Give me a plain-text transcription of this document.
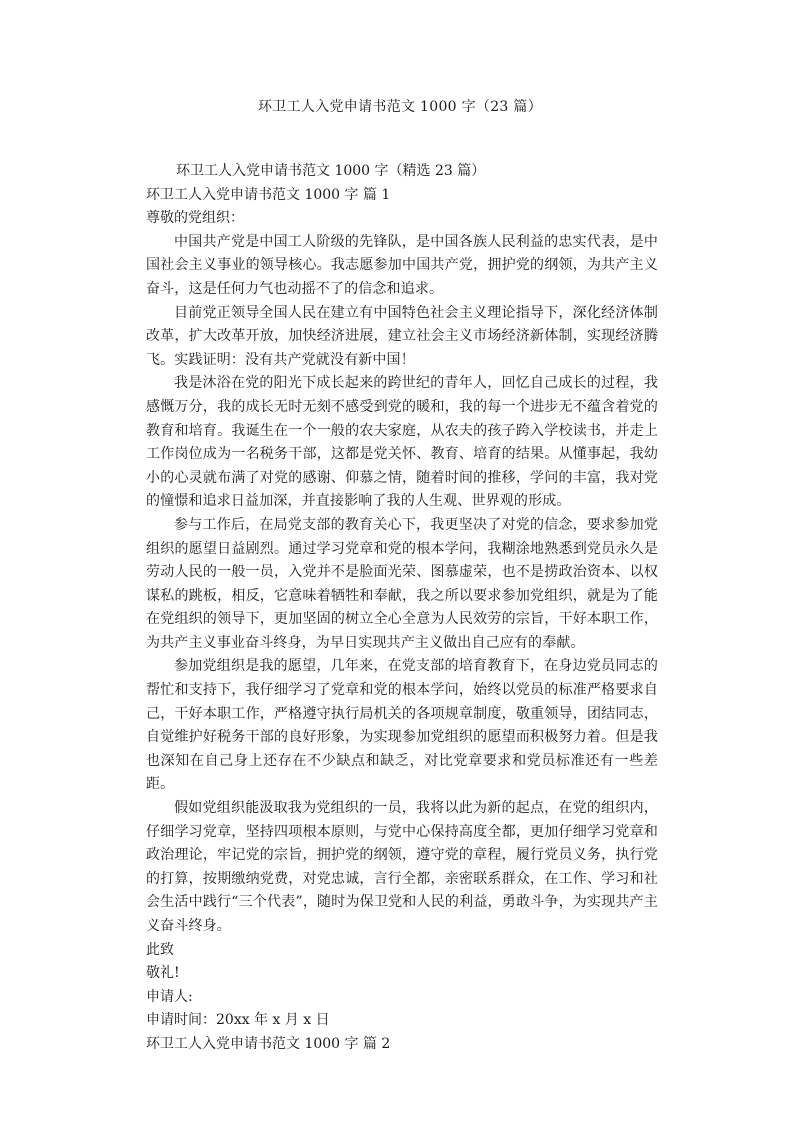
环卫工人入党申请书范文 1000 字（23 篇）

环卫工人入党申请书范文 1000 字（精选 23 篇）

环卫工人入党申请书范文 1000 字 篇 1

尊敬的党组织：

中国共产党是中国工人阶级的先锋队，是中国各族人民利益的忠实代表，是中国社会主义事业的领导核心。我志愿参加中国共产党，拥护党的纲领，为共产主义奋斗，这是任何力气也动摇不了的信念和追求。

目前党正领导全国人民在建立有中国特色社会主义理论指导下，深化经济体制改革，扩大改革开放，加快经济进展，建立社会主义市场经济新体制，实现经济腾飞。实践证明：没有共产党就没有新中国！

我是沐浴在党的阳光下成长起来的跨世纪的青年人，回忆自己成长的过程，我感慨万分，我的成长无时无刻不感受到党的暖和，我的每一个进步无不蕴含着党的教育和培育。我诞生在一个一般的农夫家庭，从农夫的孩子跨入学校读书，并走上工作岗位成为一名税务干部，这都是党关怀、教育、培育的结果。从懂事起，我幼小的心灵就布满了对党的感谢、仰慕之情，随着时间的推移，学问的丰富，我对党的憧憬和追求日益加深，并直接影响了我的人生观、世界观的形成。

参与工作后，在局党支部的教育关心下，我更坚决了对党的信念，要求参加党组织的愿望日益剧烈。通过学习党章和党的根本学问，我糊涂地熟悉到党员永久是劳动人民的一般一员，入党并不是脸面光荣、图慕虚荣，也不是捞政治资本、以权谋私的跳板，相反，它意味着牺牲和奉献，我之所以要求参加党组织，就是为了能在党组织的领导下，更加坚固的树立全心全意为人民效劳的宗旨，干好本职工作，为共产主义事业奋斗终身，为早日实现共产主义做出自己应有的奉献。

参加党组织是我的愿望，几年来，在党支部的培育教育下，在身边党员同志的帮忙和支持下，我仔细学习了党章和党的根本学问，始终以党员的标准严格要求自己，干好本职工作，严格遵守执行局机关的各项规章制度，敬重领导，团结同志，自觉维护好税务干部的良好形象，为实现参加党组织的愿望而积极努力着。但是我也深知在自己身上还存在不少缺点和缺乏，对比党章要求和党员标准还有一些差距。

假如党组织能汲取我为党组织的一员，我将以此为新的起点，在党的组织内，仔细学习党章，坚持四项根本原则，与党中心保持高度全都，更加仔细学习党章和政治理论，牢记党的宗旨，拥护党的纲领，遵守党的章程，履行党员义务，执行党的打算，按期缴纳党费，对党忠诚，言行全都，亲密联系群众，在工作、学习和社会生活中践行“三个代表”，随时为保卫党和人民的利益，勇敢斗争，为实现共产主义奋斗终身。

此致

敬礼!

申请人:

申请时间：20xx 年 x 月 x 日

环卫工人入党申请书范文 1000 字 篇 2
